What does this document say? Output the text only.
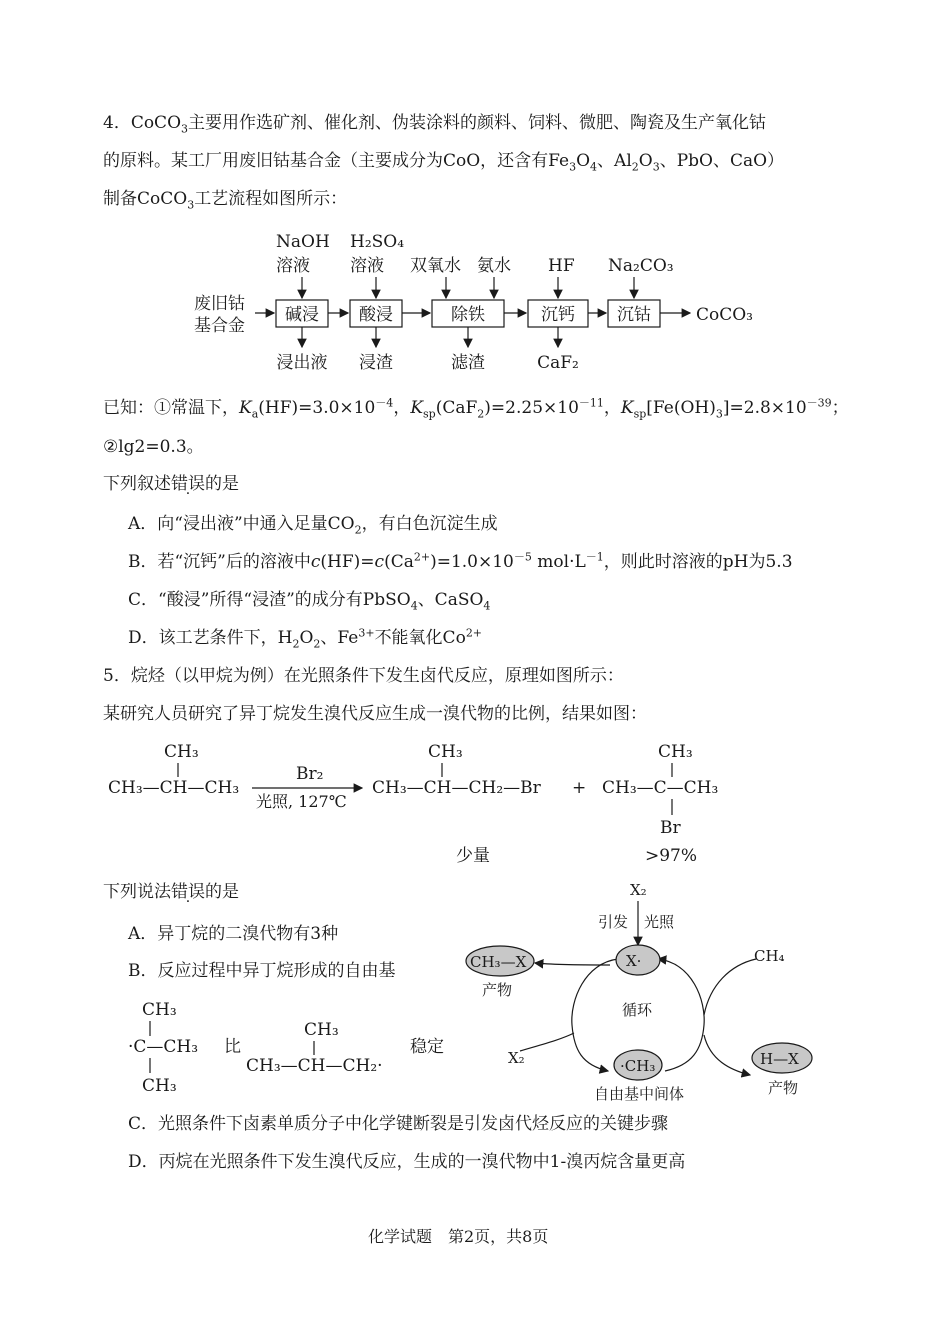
4．CoCO$_3$主要用作选矿剂、催化剂、伪装涂料的颜料、饲料、微肥、陶瓷及生产氧化钴
的原料。某工厂用废旧钴基合金（主要成分为CoO，还含有$Fe_3O_4$、$Al_2O_3$、PbO、CaO）
制备CoCO$_3$工艺流程如图所示：
废旧钴
基合金
NaOH
溶液
H₂SO₄
溶液 双氧水 氨水 HF Na₂CO₃
碱浸 酸浸	除铁	沉钙 沉钴
浸出液 浸渣	滤渣	CaF₂
CoCO₃
已知：①常温下，$K_a(HF)=3.0\times 10^{-4}$，$K_{sp}(CaF_2)=2.25\times 10^{-11}$，$K_{sp}[Fe(OH)_3]=2.8\times 10^{-39}$；
②lg2=0.3。
下列叙述错误的是
A．向“浸出液”中通入足量$CO_2$，有白色沉淀生成
B．若“沉钙”后的溶液中$c(HF)=c(Ca^{2+})=1.0\times 10^{-5}$ $mol\cdot L^{-1}$，则此时溶液的pH为5.3
C．“酸浸”所得“浸渣”的成分有PbSO$_4$、CaSO$_4$
D．该工艺条件下，$H_2O_2$、$Fe^{3+}$不能氧化$Co^{2+}$
5．烷烃（以甲烷为例）在光照条件下发生卤代反应，原理如图所示：
某研究人员研究了异丁烷发生溴代反应生成一溴代物的比例，结果如图：
CH₃
CH₃—CH—CH₃
Br₂
光照, 127℃
CH₃
CH₃—CH—CH₂—Br +
CH₃
CH₃—C—CH₃
Br
少量	>97%
下列说法错误的是
A．异丁烷的二溴代物有3种
B．反应过程中异丁烷形成的自由基
CH₃
·C—CH₃
CH₃
比
CH₃
CH₃—CH—CH₂·
稳定
X₂
引发 光照
X·	CH₄
CH₃—X
产物
循环
X₂	·CH₃	H—X
自由基中间体	产物
C．光照条件下卤素单质分子中化学键断裂是引发卤代烃反应的关键步骤
D．丙烷在光照条件下发生溴代反应，生成的一溴代物中1-溴丙烷含量更高
化学试题　第2页，共8页
